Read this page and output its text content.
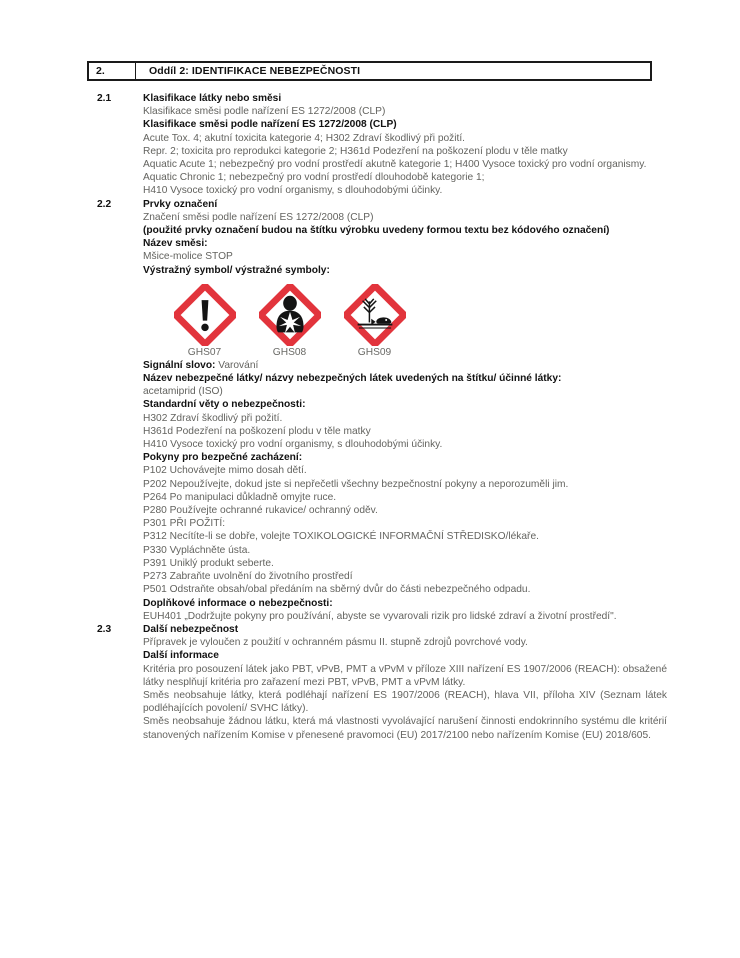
2.	Oddíl 2: IDENTIFIKACE NEBEZPEČNOSTI
2.1	Klasifikace látky nebo směsi

Klasifikace směsi podle nařízení ES 1272/2008 (CLP)

Klasifikace směsi podle nařízení ES 1272/2008 (CLP)

Acute Tox. 4; akutní toxicita kategorie 4; H302 Zdraví škodlivý při požití.

Repr. 2; toxicita pro reprodukci kategorie 2; H361d Podezření na poškození plodu v těle matky

Aquatic Acute 1; nebezpečný pro vodní prostředí akutně kategorie 1; H400 Vysoce toxický pro vodní organismy.

Aquatic Chronic 1; nebezpečný pro vodní prostředí dlouhodobě kategorie 1;

H410 Vysoce toxický pro vodní organismy, s dlouhodobými účinky.

2.2	Prvky označení

Značení směsi podle nařízení ES 1272/2008 (CLP)

(použité prvky označení budou na štítku výrobku uvedeny formou textu bez kódového označení)

Název směsi:

Mšice-molice STOP

Výstražný symbol/ výstražné symboly:

GHS07	GHS08	GHS09

Signální slovo: Varování

Název nebezpečné látky/ názvy nebezpečných látek uvedených na štítku/ účinné látky:

acetamiprid (ISO)

Standardní věty o nebezpečnosti:

H302 Zdraví škodlivý při požití.

H361d Podezření na poškození plodu v těle matky

H410 Vysoce toxický pro vodní organismy, s dlouhodobými účinky.

Pokyny pro bezpečné zacházení:

P102 Uchovávejte mimo dosah dětí.

P202 Nepoužívejte, dokud jste si nepřečetli všechny bezpečnostní pokyny a neporozuměli jim.

P264 Po manipulaci důkladně omyjte ruce.

P280 Používejte ochranné rukavice/ ochranný oděv.

P301 PŘI POŽITÍ:

P312 Necítíte-li se dobře, volejte TOXIKOLOGICKÉ INFORMAČNÍ STŘEDISKO/lékaře.

P330 Vypláchněte ústa.

P391 Uniklý produkt seberte.

P273 Zabraňte uvolnění do životního prostředí

P501 Odstraňte obsah/obal předáním na sběrný dvůr do části nebezpečného odpadu.

Doplňkové informace o nebezpečnosti:

EUH401 „Dodržujte pokyny pro používání, abyste se vyvarovali rizik pro lidské zdraví a životní prostředí".

2.3	Další nebezpečnost

Přípravek je vyloučen z použití v ochranném pásmu II. stupně zdrojů povrchové vody.

Další informace

Kritéria pro posouzení látek jako PBT, vPvB, PMT a vPvM v příloze XIII nařízení ES 1907/2006 (REACH): obsažené látky nesplňují kritéria pro zařazení mezi PBT, vPvB, PMT a vPvM látky.

Směs neobsahuje látky, která podléhají nařízení ES 1907/2006 (REACH), hlava VII, příloha XIV (Seznam látek podléhajících povolení/ SVHC látky).

Směs neobsahuje žádnou látku, která má vlastnosti vyvolávající narušení činnosti endokrinního systému dle kritérií stanovených nařízením Komise v přenesené pravomoci (EU) 2017/2100 nebo nařízením Komise (EU) 2018/605.
